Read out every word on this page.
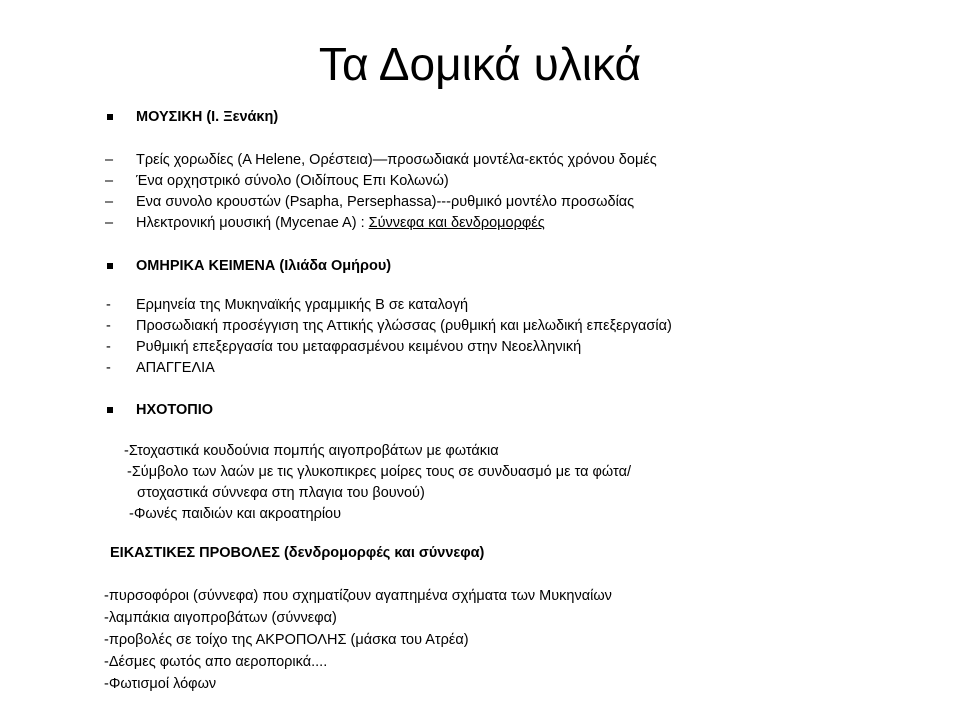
Τα Δομικά υλικά
ΜΟΥΣΙΚΗ (Ι. Ξενάκη)
– Τρείς χορωδίες (A Helene, Ορέστεια)—προσωδιακά μοντέλα-εκτός χρόνου δομές
– Ένα ορχηστρικό σύνολο (Οιδίπους Επι Κολωνώ)
– Ενα συνολο κρουστών (Psapha, Persephassa)---ρυθμικό μοντέλο προσωδίας
– Ηλεκτρονική μουσική (Mycenae A) : Σύννεφα και δενδρομορφές
ΟΜΗΡΙΚΑ ΚΕΙΜΕΝΑ (Ιλιάδα Ομήρου)
- Ερμηνεία της Μυκηναϊκής γραμμικής Β σε καταλογή
- Προσωδιακή προσέγγιση της Αττικής γλώσσας (ρυθμική και μελωδική επεξεργασία)
- Ρυθμική επεξεργασία του μεταφρασμένου κειμένου στην Νεοελληνική
- ΑΠΑΓΓΕΛΙΑ
ΗΧΟΤΟΠΙΟ
-Στοχαστικά κουδούνια πομπής αιγοπροβάτων με φωτάκια
-Σύμβολο των λαών με τις γλυκοπικρες μοίρες τους σε συνδυασμό με τα φώτα/
στοχαστικά σύννεφα στη πλαγια του βουνού)
-Φωνές παιδιών και ακροατηρίου
ΕΙΚΑΣΤΙΚΕΣ ΠΡΟΒΟΛΕΣ (δενδρομορφές και σύννεφα)
-πυρσοφόροι (σύννεφα) που σχηματίζουν αγαπημένα σχήματα των Μυκηναίων
-λαμπάκια αιγοπροβάτων (σύννεφα)
-προβολές σε τοίχο της ΑΚΡΟΠΟΛΗΣ (μάσκα του Ατρέα)
-Δέσμες φωτός απο αεροπορικά....
-Φωτισμοί λόφων
